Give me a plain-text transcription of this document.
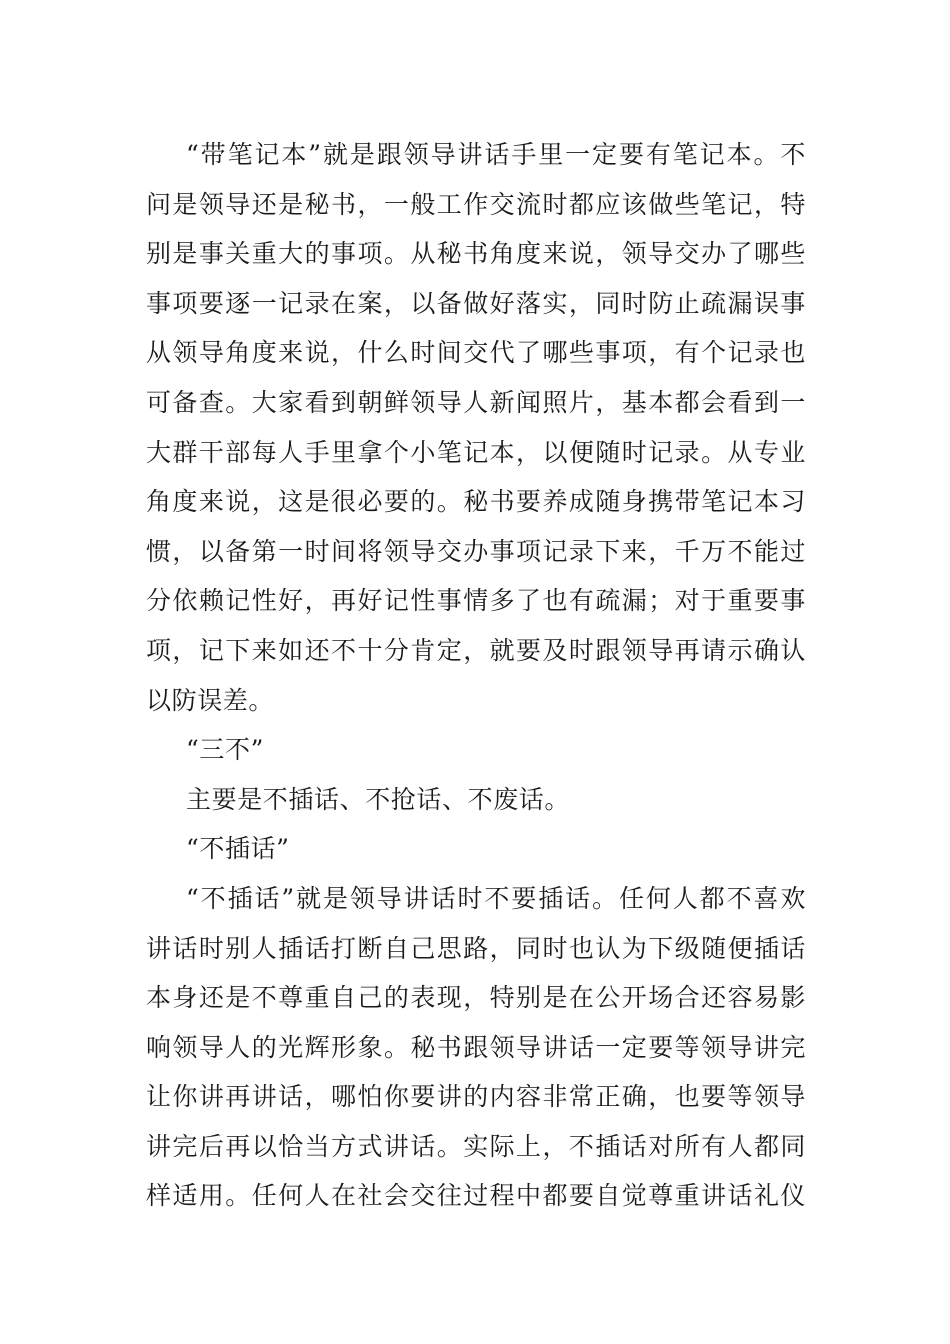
“带笔记本”就是跟领导讲话手里一定要有笔记本。不
问是领导还是秘书，一般工作交流时都应该做些笔记，特
别是事关重大的事项。从秘书角度来说，领导交办了哪些
事项要逐一记录在案，以备做好落实，同时防止疏漏误事
从领导角度来说，什么时间交代了哪些事项，有个记录也
可备查。大家看到朝鲜领导人新闻照片，基本都会看到一
大群干部每人手里拿个小笔记本，以便随时记录。从专业
角度来说，这是很必要的。秘书要养成随身携带笔记本习
惯，以备第一时间将领导交办事项记录下来，千万不能过
分依赖记性好，再好记性事情多了也有疏漏；对于重要事
项，记下来如还不十分肯定，就要及时跟领导再请示确认
以防误差。
“三不”
主要是不插话、不抢话、不废话。
“不插话”
“不插话”就是领导讲话时不要插话。任何人都不喜欢
讲话时别人插话打断自己思路，同时也认为下级随便插话
本身还是不尊重自己的表现，特别是在公开场合还容易影
响领导人的光辉形象。秘书跟领导讲话一定要等领导讲完
让你讲再讲话，哪怕你要讲的内容非常正确，也要等领导
讲完后再以恰当方式讲话。实际上，不插话对所有人都同
样适用。任何人在社会交往过程中都要自觉尊重讲话礼仪
